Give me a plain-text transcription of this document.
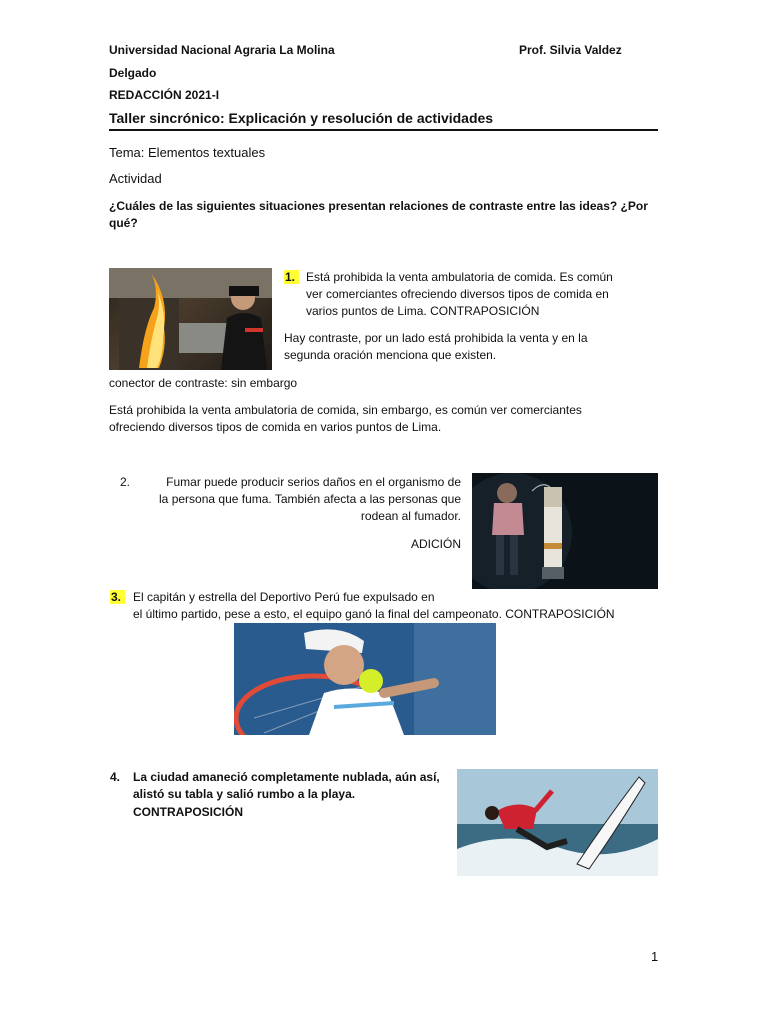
Universidad Nacional Agraria La Molina	Prof. Silvia Valdez
Delgado
REDACCIÓN 2021-I
Taller sincrónico: Explicación y resolución de actividades
Tema: Elementos textuales
Actividad
¿Cuáles de las siguientes situaciones presentan relaciones de contraste entre las ideas? ¿Por
qué?
1. Está prohibida la venta ambulatoria de comida. Es común
ver comerciantes ofreciendo diversos tipos de comida en
varios puntos de Lima. CONTRAPOSICIÓN
Hay contraste, por un lado está prohibida la venta y en la
segunda oración menciona que existen.
conector de contraste: sin embargo
Está prohibida la venta ambulatoria de comida, sin embargo, es común ver comerciantes
ofreciendo diversos tipos de comida en varios puntos de Lima.
2.	Fumar puede producir serios daños en el organismo de
la persona que fuma. También afecta a las personas que
rodean al fumador.
ADICIÓN
3. El capitán y estrella del Deportivo Perú fue expulsado en
el último partido, pese a esto, el equipo ganó la final del campeonato. CONTRAPOSICIÓN
4. La ciudad amaneció completamente nublada, aún así,
alistó su tabla y salió rumbo a la playa.
CONTRAPOSICIÓN
1
